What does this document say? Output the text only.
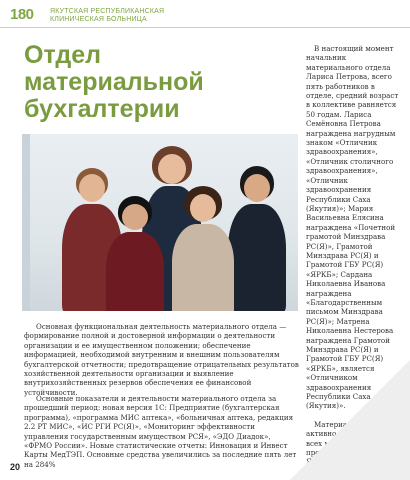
180 ЯКУТСКАЯ РЕСПУБЛИКАНСКАЯ
КЛИНИЧЕСКАЯ БОЛЬНИЦА
Отдел
материальной
бухгалтерии

В настоящий момент начальник материального отдела Лариса Петрова, всего пять работников в отделе, средний возраст в коллективе равняется 50 годам. Лариса Семёновна Петрова награждена нагрудным знаком «Отличник здравоохранения», «Отличник столичного здравоохранения», «Отличник здравоохранения Республики Саха (Якутия)»; Мария Васильевна Елясина награждена «Почетной грамотой Минздрава РС(Я)», Грамотой Минздрава РС(Я) и Грамотой ГБУ РС(Я) «ЯРКБ»; Сардана Николаевна Иванова награждена «Благодарственным письмом Минздрава РС(Я)»; Матрена Николаевна Нестерова награждена Грамотой Минздрава РС(Я) и Грамотой ГБУ РС(Я) «ЯРКБ», является «Отличником здравоохранения Республики Саха (Якутия)».

Материальный отдел активно участвует во всех мероприятиях, проводимых родной ЯРКБ.

Основная функциональная деятельность материального отдела — формирование полной и достоверной информации о деятельности организации и ее имущественном положении; обеспечение информацией, необходимой внутренним и внешним пользователям бухгалтерской отчетности; предотвращение отрицательных результатов хозяйственной деятельности организации и выявление внутрихозяйственных резервов обеспечения ее финансовой устойчивости.

Основные показатели и деятельности материального отдела за прошедший период: новая версия 1С: Предприятие (бухгалтерская программа), «программа МИС аптека», «больничная аптека, редакция 2.2 РТ МИС», «ИС РГИ РС(Я)», «Мониторинг эффективности управления государственным имуществом РСЯ», «ЭДО Диадок», «ФРМО России». Новые статистические отчеты: Инновация и Инвест Карты МедТЭП. Основные средства увеличились за последние пять лет на 284%

20
